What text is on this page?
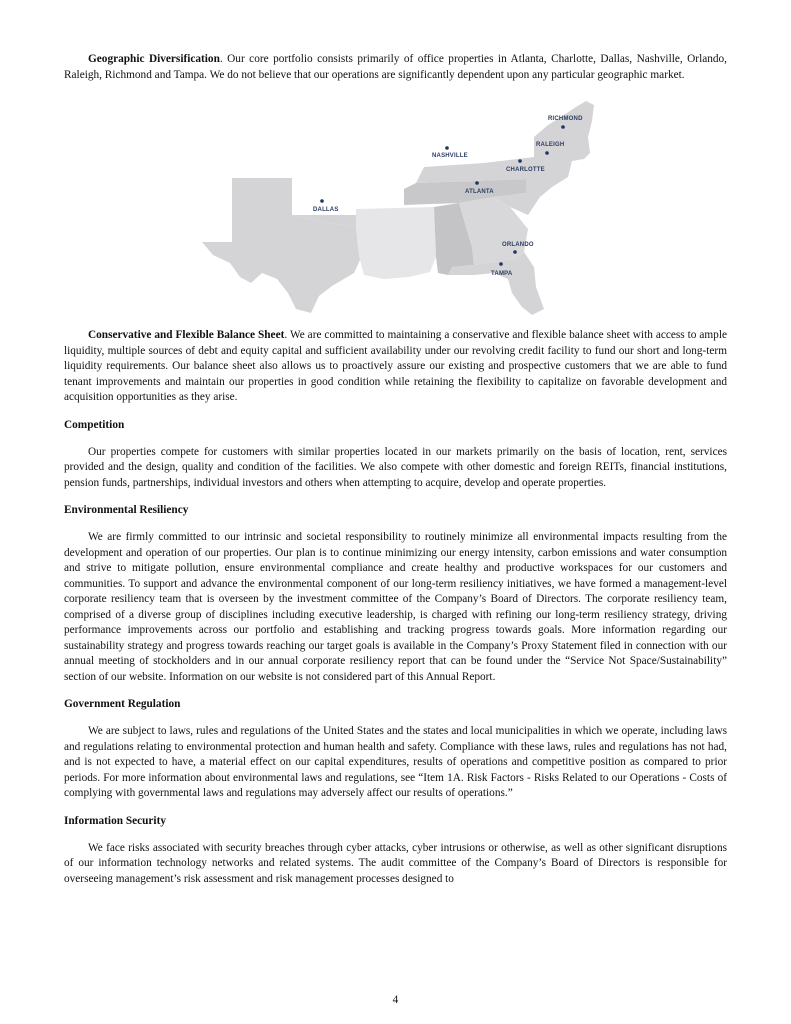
Geographic Diversification. Our core portfolio consists primarily of office properties in Atlanta, Charlotte, Dallas, Nashville, Orlando, Raleigh, Richmond and Tampa. We do not believe that our operations are significantly dependent upon any particular geographic market.

RICHMOND
RALEIGH
NASHVILLE
CHARLOTTE
ATLANTA
DALLAS
ORLANDO
TAMPA

Conservative and Flexible Balance Sheet. We are committed to maintaining a conservative and flexible balance sheet with access to ample liquidity, multiple sources of debt and equity capital and sufficient availability under our revolving credit facility to fund our short and long-term liquidity requirements. Our balance sheet also allows us to proactively assure our existing and prospective customers that we are able to fund tenant improvements and maintain our properties in good condition while retaining the flexibility to capitalize on favorable development and acquisition opportunities as they arise.

Competition

Our properties compete for customers with similar properties located in our markets primarily on the basis of location, rent, services provided and the design, quality and condition of the facilities. We also compete with other domestic and foreign REITs, financial institutions, pension funds, partnerships, individual investors and others when attempting to acquire, develop and operate properties.

Environmental Resiliency

We are firmly committed to our intrinsic and societal responsibility to routinely minimize all environmental impacts resulting from the development and operation of our properties. Our plan is to continue minimizing our energy intensity, carbon emissions and water consumption and strive to mitigate pollution, ensure environmental compliance and create healthy and productive workspaces for our customers and communities. To support and advance the environmental component of our long-term resiliency initiatives, we have formed a management-level corporate resiliency team that is overseen by the investment committee of the Company’s Board of Directors. The corporate resiliency team, comprised of a diverse group of disciplines including executive leadership, is charged with refining our long-term resiliency strategy, driving performance improvements across our portfolio and establishing and tracking progress towards goals. More information regarding our sustainability strategy and progress towards reaching our target goals is available in the Company’s Proxy Statement filed in connection with our annual meeting of stockholders and in our annual corporate resiliency report that can be found under the “Service Not Space/Sustainability” section of our website. Information on our website is not considered part of this Annual Report.

Government Regulation

We are subject to laws, rules and regulations of the United States and the states and local municipalities in which we operate, including laws and regulations relating to environmental protection and human health and safety. Compliance with these laws, rules and regulations has not had, and is not expected to have, a material effect on our capital expenditures, results of operations and competitive position as compared to prior periods. For more information about environmental laws and regulations, see “Item 1A. Risk Factors - Risks Related to our Operations - Costs of complying with governmental laws and regulations may adversely affect our results of operations.”

Information Security

We face risks associated with security breaches through cyber attacks, cyber intrusions or otherwise, as well as other significant disruptions of our information technology networks and related systems. The audit committee of the Company’s Board of Directors is responsible for overseeing management’s risk assessment and risk management processes designed to

4
